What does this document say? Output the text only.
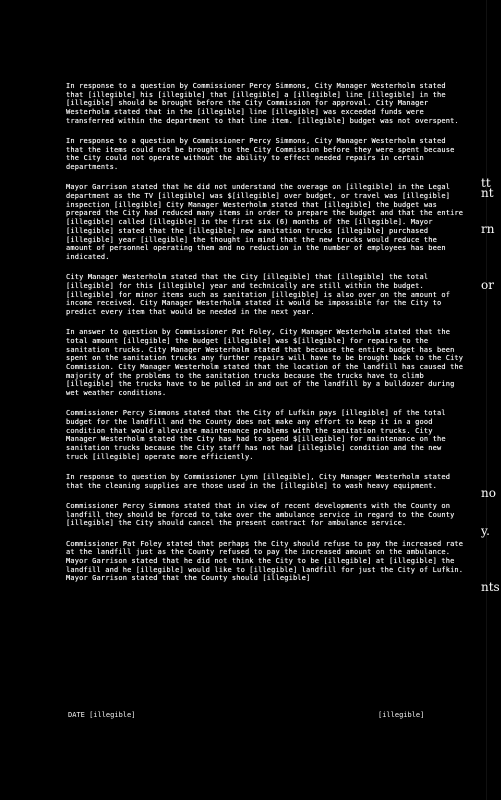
In response to a question by Commissioner Percy Simmons, City Manager Westerholm stated that [illegible] his [illegible] that [illegible] a [illegible] line [illegible] in the [illegible] should be brought before the City Commission for approval. City Manager Westerholm stated that in the [illegible] line [illegible] was exceeded funds were transferred within the department to that line item. [illegible] budget was not overspent.

In response to a question by Commissioner Percy Simmons, City Manager Westerholm stated that the items could not be brought to the City Commission before they were spent because the City could not operate without the ability to effect needed repairs in certain departments.

Mayor Garrison stated that he did not understand the overage on [illegible] in the Legal department as the TV [illegible] was $[illegible] over budget, or travel was [illegible] inspection [illegible] City Manager Westerholm stated that [illegible] the budget was prepared the City had reduced many items in order to prepare the budget and that the entire [illegible] called [illegible] in the first six (6) months of the [illegible]. Mayor [illegible] stated that the [illegible] new sanitation trucks [illegible] purchased [illegible] year [illegible] the thought in mind that the new trucks would reduce the amount of personnel operating them and no reduction in the number of employees has been indicated.

City Manager Westerholm stated that the City [illegible] that [illegible] the total [illegible] for this [illegible] year and technically are still within the budget. [illegible] for minor items such as sanitation [illegible] is also over on the amount of income received. City Manager Westerholm stated it would be impossible for the City to predict every item that would be needed in the next year.

In answer to question by Commissioner Pat Foley, City Manager Westerholm stated that the total amount [illegible] the budget [illegible] was $[illegible] for repairs to the sanitation trucks. City Manager Westerholm stated that because the entire budget has been spent on the sanitation trucks any further repairs will have to be brought back to the City Commission. City Manager Westerholm stated that the location of the landfill has caused the majority of the problems to the sanitation trucks because the trucks have to climb [illegible] the trucks have to be pulled in and out of the landfill by a bulldozer during wet weather conditions.

Commissioner Percy Simmons stated that the City of Lufkin pays [illegible] of the total budget for the landfill and the County does not make any effort to keep it in a good condition that would alleviate maintenance problems with the sanitation trucks. City Manager Westerholm stated the City has had to spend $[illegible] for maintenance on the sanitation trucks because the City staff has not had [illegible] condition and the new truck [illegible] operate more efficiently.

In response to question by Commissioner Lynn [illegible], City Manager Westerholm stated that the cleaning supplies are those used in the [illegible] to wash heavy equipment.

Commissioner Percy Simmons stated that in view of recent developments with the County on landfill they should be forced to take over the ambulance service in regard to the County [illegible] the City should cancel the present contract for ambulance service.

Commissioner Pat Foley stated that perhaps the City should refuse to pay the increased rate at the landfill just as the County refused to pay the increased amount on the ambulance. Mayor Garrison stated that he did not think the City to be [illegible] at [illegible] the landfill and he [illegible] would like to [illegible] landfill for just the City of Lufkin. Mayor Garrison stated that the County should [illegible]

DATE [illegible]	[illegible]
tt
nt
rn
or
no
y.
nts
